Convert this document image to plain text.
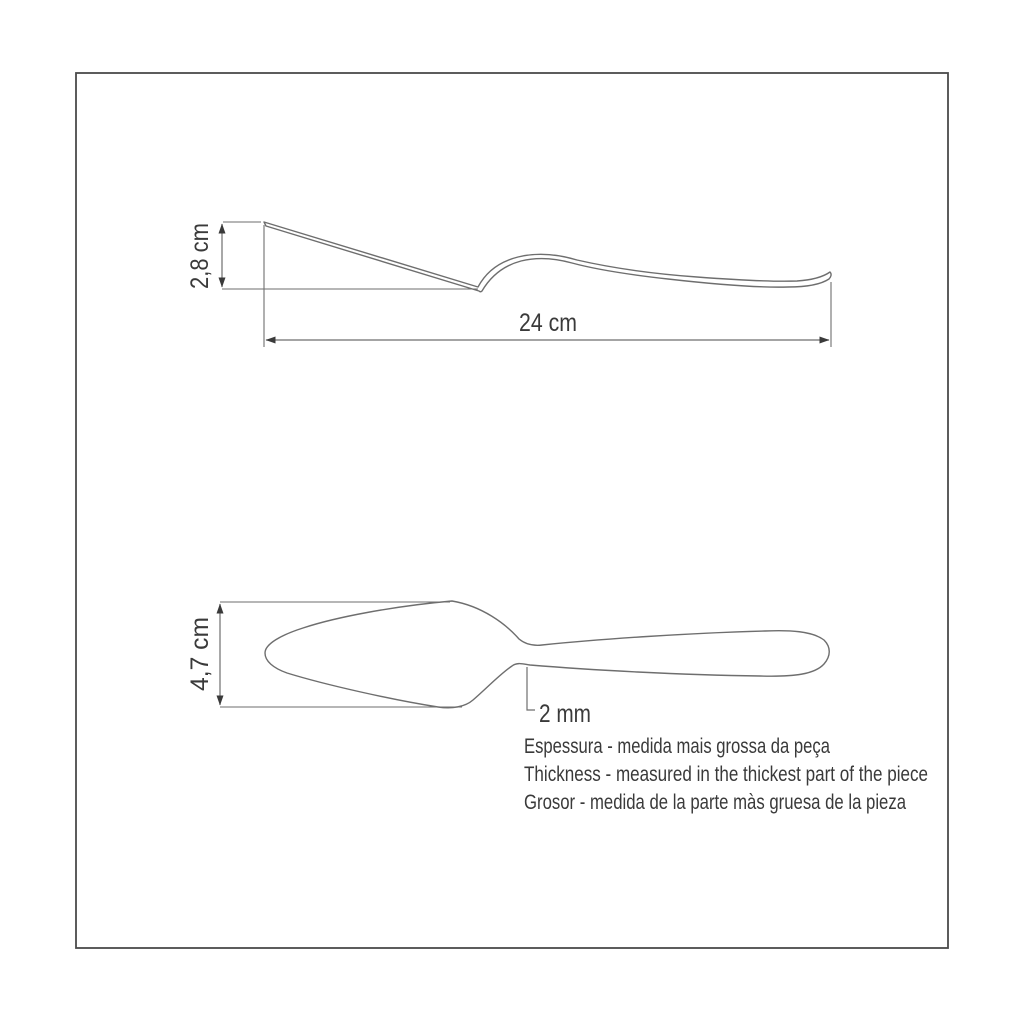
2,8 cm
24 cm
4,7 cm
2 mm
Espessura - medida mais grossa da peça
Thickness - measured in the thickest part of the piece
Grosor - medida de la parte màs gruesa de la pieza
